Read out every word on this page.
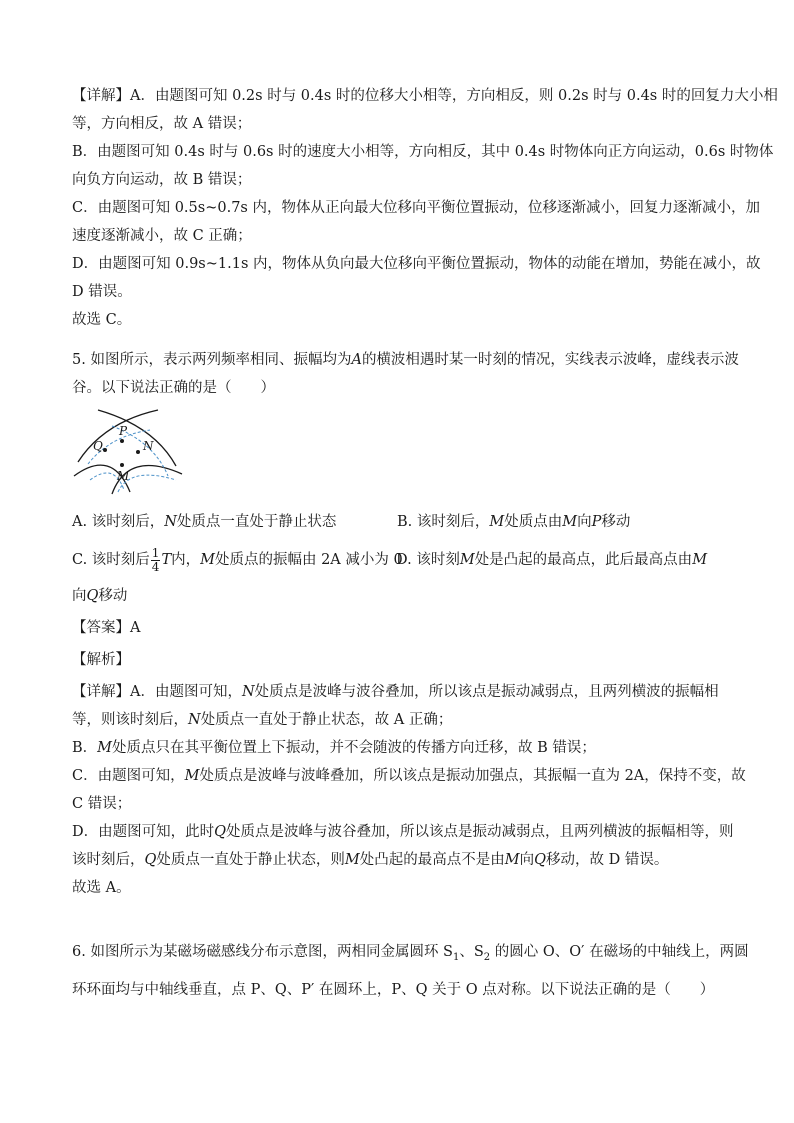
【详解】A．由题图可知 0.2s 时与 0.4s 时的位移大小相等，方向相反，则 0.2s 时与 0.4s 时的回复力大小相
等，方向相反，故 A 错误；
B．由题图可知 0.4s 时与 0.6s 时的速度大小相等，方向相反，其中 0.4s 时物体向正方向运动，0.6s 时物体
向负方向运动，故 B 错误；
C．由题图可知 0.5s~0.7s 内，物体从正向最大位移向平衡位置振动，位移逐渐减小，回复力逐渐减小，加
速度逐渐减小，故 C 正确；
D．由题图可知 0.9s~1.1s 内，物体从负向最大位移向平衡位置振动，物体的动能在增加，势能在减小，故
D 错误。
故选 C。
5. 如图所示，表示两列频率相同、振幅均为A的横波相遇时某一时刻的情况，实线表示波峰，虚线表示波
谷。以下说法正确的是（　　）
P
Q	N
M
A. 该时刻后，N处质点一直处于静止状态	B. 该时刻后，M处质点由M向P移动
C. 该时刻后 $\frac{1}{4}$ T内，M处质点的振幅由 2A 减小为 0
D. 该时刻M处是凸起的最高点，此后最高点由M
向Q移动
【答案】A
【解析】
【详解】A．由题图可知，N处质点是波峰与波谷叠加，所以该点是振动减弱点，且两列横波的振幅相
等，则该时刻后，N处质点一直处于静止状态，故 A 正确；
B．M处质点只在其平衡位置上下振动，并不会随波的传播方向迁移，故 B 错误；
C．由题图可知，M处质点是波峰与波峰叠加，所以该点是振动加强点，其振幅一直为 2A，保持不变，故
C 错误；
D．由题图可知，此时Q处质点是波峰与波谷叠加，所以该点是振动减弱点，且两列横波的振幅相等，则
该时刻后，Q处质点一直处于静止状态，则M处凸起的最高点不是由M向Q移动，故 D 错误。
故选 A。
6. 如图所示为某磁场磁感线分布示意图，两相同金属圆环 $S_1$、$S_2$ 的圆心 O、O′ 在磁场的中轴线上，两圆
环环面均与中轴线垂直，点 P、Q、P′ 在圆环上，P、Q 关于 O 点对称。以下说法正确的是（　　）
